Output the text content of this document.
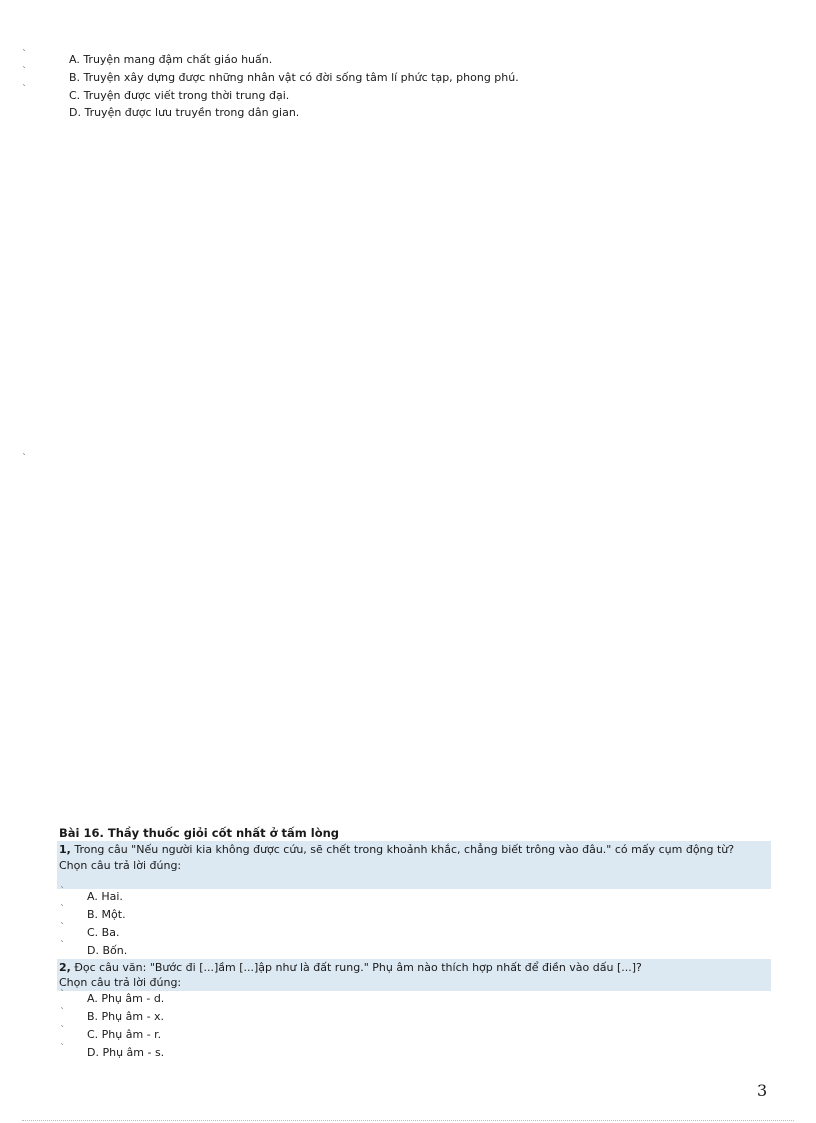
`
`
`
A. Truyện mang đậm chất giáo huấn.
B. Truyện xây dựng được những nhân vật có đời sống tâm lí phức tạp, phong phú.
C. Truyện được viết trong thời trung đại.
D. Truyện được lưu truyền trong dân gian.
`
Bài 16. Thầy thuốc giỏi cốt nhất ở tấm lòng
1, Trong câu "Nếu người kia không được cứu, sẽ chết trong khoảnh khắc, chẳng biết trông vào đâu." có mấy cụm động từ? Chọn câu trả lời đúng:
`
`
`
`
A. Hai.
B. Một.
C. Ba.
D. Bốn.
2, Đọc câu văn: "Bước đi [...]ầm [...]ập như là đất rung." Phụ âm nào thích hợp nhất để điền vào dấu [...]?
Chọn câu trả lời đúng:
`
`
`
`
A. Phụ âm - d.
B. Phụ âm - x.
C. Phụ âm - r.
D. Phụ âm - s.
3
